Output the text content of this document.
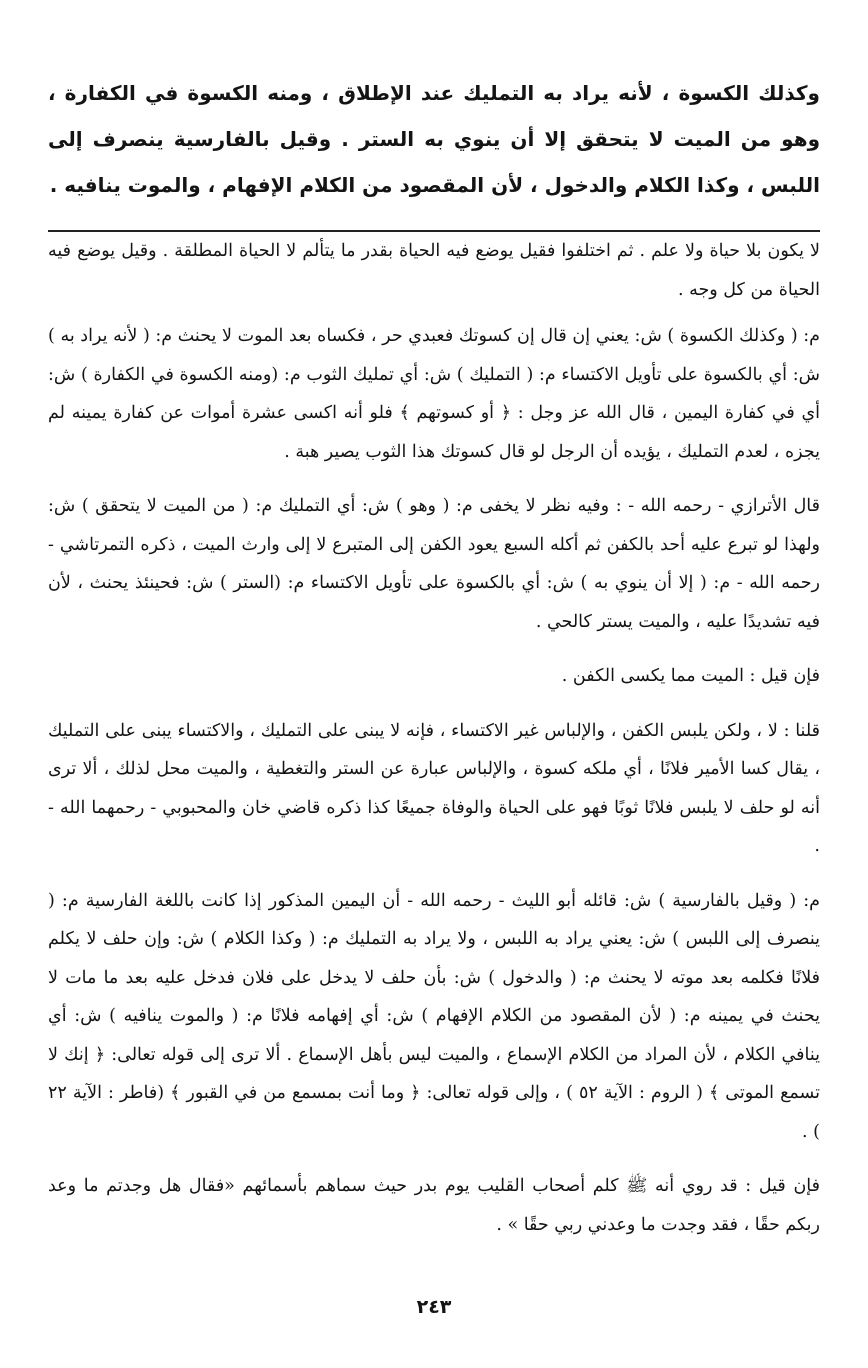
وكذلك الكسوة ، لأنه يراد به التمليك عند الإطلاق ، ومنه الكسوة في الكفارة ، وهو من الميت لا يتحقق إلا أن ينوي به الستر . وقيل بالفارسية ينصرف إلى اللبس ، وكذا الكلام والدخول ، لأن المقصود من الكلام الإفهام ، والموت ينافيه .

لا يكون بلا حياة ولا علم . ثم اختلفوا فقيل يوضع فيه الحياة بقدر ما يتألم لا الحياة المطلقة . وقيل يوضع فيه الحياة من كل وجه .

م: ( وكذلك الكسوة ) ش: يعني إن قال إن كسوتك فعبدي حر ، فكساه بعد الموت لا يحنث م: ( لأنه يراد به ) ش: أي بالكسوة على تأويل الاكتساء م: ( التمليك ) ش: أي تمليك الثوب م: (ومنه الكسوة في الكفارة ) ش: أي في كفارة اليمين ، قال الله عز وجل : ﴿ أو كسوتهم ﴾ فلو أنه اكسى عشرة أموات عن كفارة يمينه لم يجزه ، لعدم التمليك ، يؤيده أن الرجل لو قال كسوتك هذا الثوب يصير هبة .

قال الأترازي - رحمه الله - : وفيه نظر لا يخفى م: ( وهو ) ش: أي التمليك م: ( من الميت لا يتحقق ) ش: ولهذا لو تبرع عليه أحد بالكفن ثم أكله السبع يعود الكفن إلى المتبرع لا إلى وارث الميت ، ذكره التمرتاشي - رحمه الله - م: ( إلا أن ينوي به ) ش: أي بالكسوة على تأويل الاكتساء م: (الستر ) ش: فحينئذ يحنث ، لأن فيه تشديدًا عليه ، والميت يستر كالحي .

فإن قيل : الميت مما يكسى الكفن .

قلنا : لا ، ولكن يلبس الكفن ، والإلباس غير الاكتساء ، فإنه لا يبنى على التمليك ، والاكتساء يبنى على التمليك ، يقال كسا الأمير فلانًا ، أي ملكه كسوة ، والإلباس عبارة عن الستر والتغطية ، والميت محل لذلك ، ألا ترى أنه لو حلف لا يلبس فلانًا ثوبًا فهو على الحياة والوفاة جميعًا كذا ذكره قاضي خان والمحبوبي - رحمهما الله - .

م: ( وقيل بالفارسية ) ش: قائله أبو الليث - رحمه الله - أن اليمين المذكور إذا كانت باللغة الفارسية م: ( ينصرف إلى اللبس ) ش: يعني يراد به اللبس ، ولا يراد به التمليك م: ( وكذا الكلام ) ش: وإن حلف لا يكلم فلانًا فكلمه بعد موته لا يحنث م: ( والدخول ) ش: بأن حلف لا يدخل على فلان فدخل عليه بعد ما مات لا يحنث في يمينه م: ( لأن المقصود من الكلام الإفهام ) ش: أي إفهامه فلانًا م: ( والموت ينافيه ) ش: أي ينافي الكلام ، لأن المراد من الكلام الإسماع ، والميت ليس بأهل الإسماع . ألا ترى إلى قوله تعالى: ﴿ إنك لا تسمع الموتى ﴾ ( الروم : الآية ٥٢ ) ، وإلى قوله تعالى: ﴿ وما أنت بمسمع من في القبور ﴾ (فاطر : الآية ٢٢ ) .

فإن قيل : قد روي أنه ﷺ كلم أصحاب القليب يوم بدر حيث سماهم بأسمائهم «فقال هل وجدتم ما وعد ربكم حقًا ، فقد وجدت ما وعدني ربي حقًا » .

٢٤٣
